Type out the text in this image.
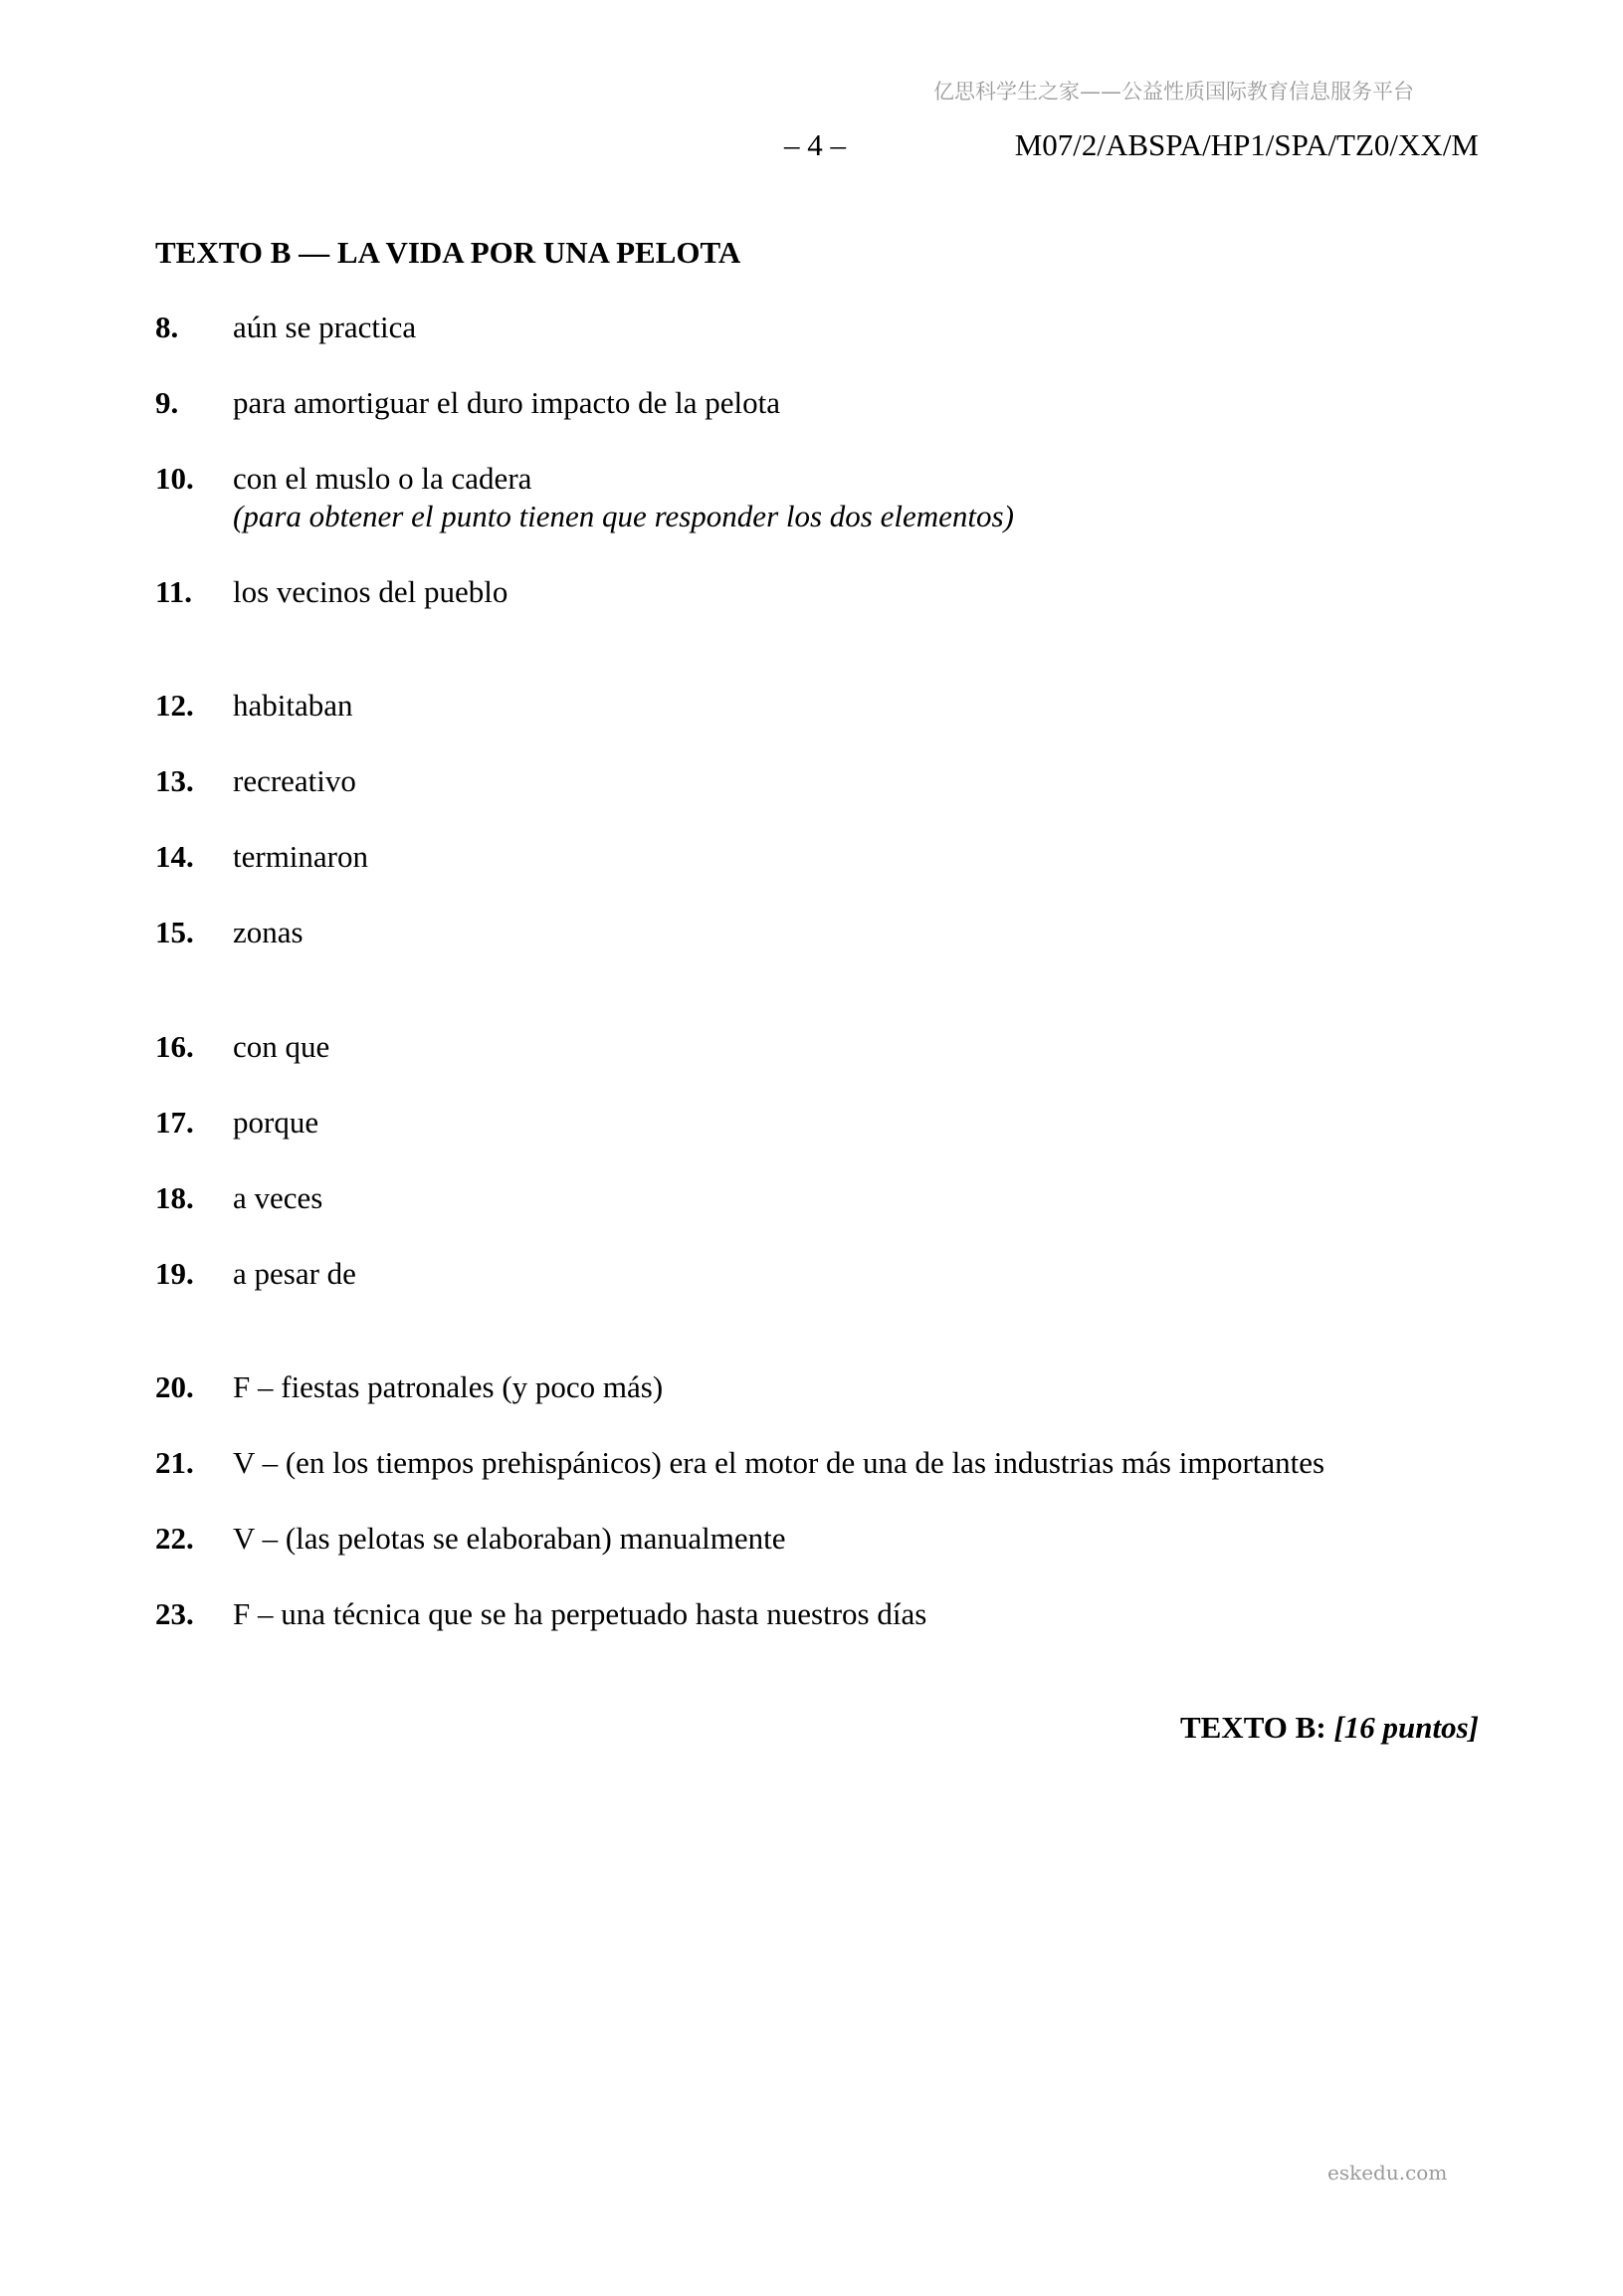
亿思科学生之家——公益性质国际教育信息服务平台
– 4 –	M07/2/ABSPA/HP1/SPA/TZ0/XX/M
TEXTO B — LA VIDA POR UNA PELOTA
8. aún se practica
9. para amortiguar el duro impacto de la pelota
10. con el muslo o la cadera
(para obtener el punto tienen que responder los dos elementos)
11. los vecinos del pueblo
12. habitaban
13. recreativo
14. terminaron
15. zonas
16. con que
17. porque
18. a veces
19. a pesar de
20. F – fiestas patronales (y poco más)
21. V – (en los tiempos prehispánicos) era el motor de una de las industrias más importantes
22. V – (las pelotas se elaboraban) manualmente
23. F – una técnica que se ha perpetuado hasta nuestros días
TEXTO B: [16 puntos]
eskedu.com
